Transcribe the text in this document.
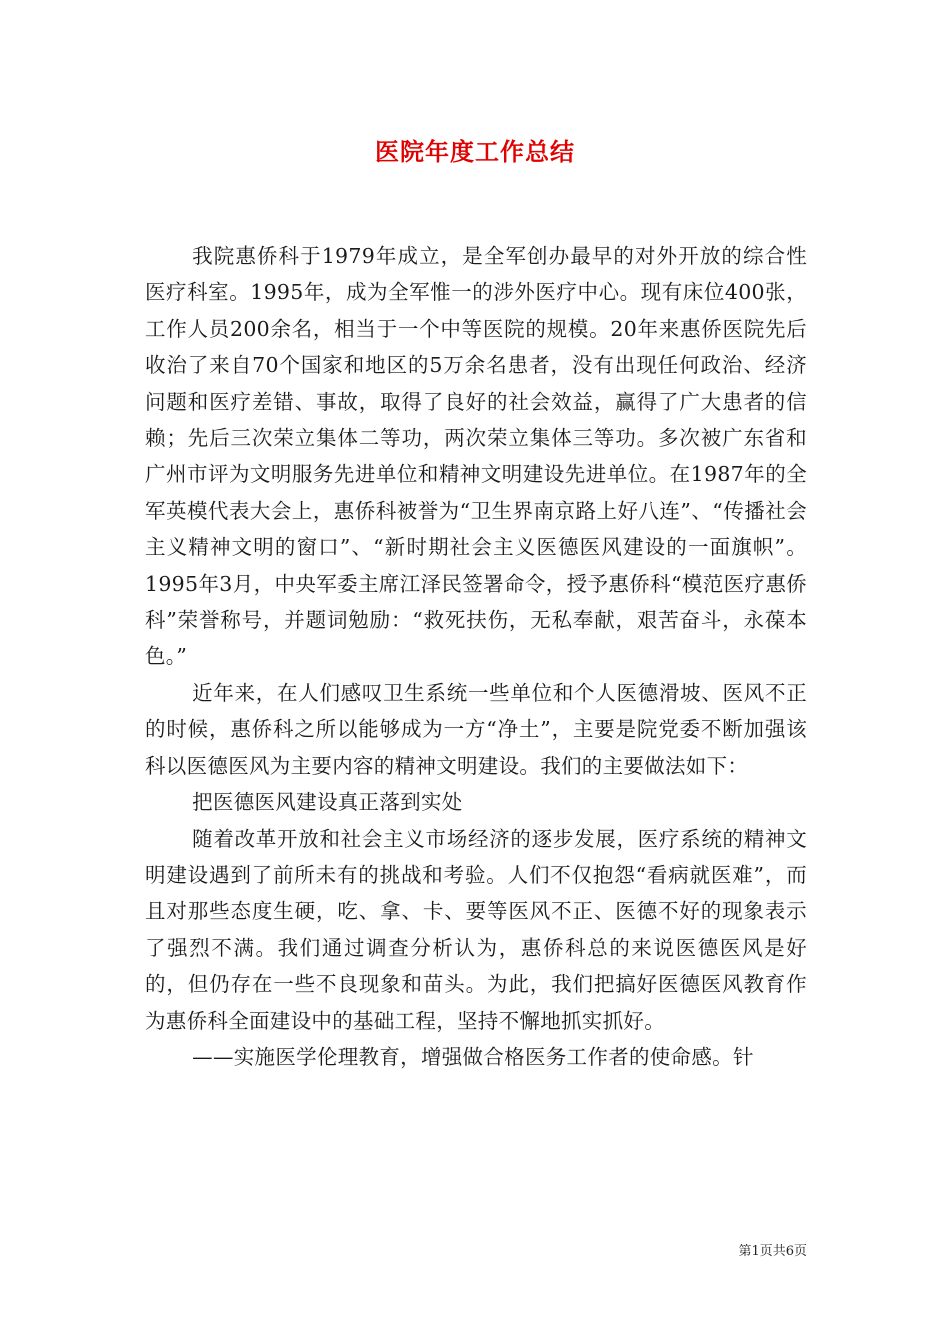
医院年度工作总结

我院惠侨科于1979年成立，是全军创办最早的对外开放的综合性医疗科室。1995年，成为全军惟一的涉外医疗中心。现有床位400张，工作人员200余名，相当于一个中等医院的规模。20年来惠侨医院先后收治了来自70个国家和地区的5万余名患者，没有出现任何政治、经济问题和医疗差错、事故，取得了良好的社会效益，赢得了广大患者的信赖；先后三次荣立集体二等功，两次荣立集体三等功。多次被广东省和广州市评为文明服务先进单位和精神文明建设先进单位。在1987年的全军英模代表大会上，惠侨科被誉为“卫生界南京路上好八连”、“传播社会主义精神文明的窗口”、“新时期社会主义医德医风建设的一面旗帜”。1995年3月，中央军委主席江泽民签署命令，授予惠侨科“模范医疗惠侨科”荣誉称号，并题词勉励：“救死扶伤，无私奉献，艰苦奋斗，永葆本色。”

近年来，在人们感叹卫生系统一些单位和个人医德滑坡、医风不正的时候，惠侨科之所以能够成为一方“净土”，主要是院党委不断加强该科以医德医风为主要内容的精神文明建设。我们的主要做法如下：

把医德医风建设真正落到实处

随着改革开放和社会主义市场经济的逐步发展，医疗系统的精神文明建设遇到了前所未有的挑战和考验。人们不仅抱怨“看病就医难”，而且对那些态度生硬，吃、拿、卡、要等医风不正、医德不好的现象表示了强烈不满。我们通过调查分析认为，惠侨科总的来说医德医风是好的，但仍存在一些不良现象和苗头。为此，我们把搞好医德医风教育作为惠侨科全面建设中的基础工程，坚持不懈地抓实抓好。

——实施医学伦理教育，增强做合格医务工作者的使命感。针

第1页共6页
